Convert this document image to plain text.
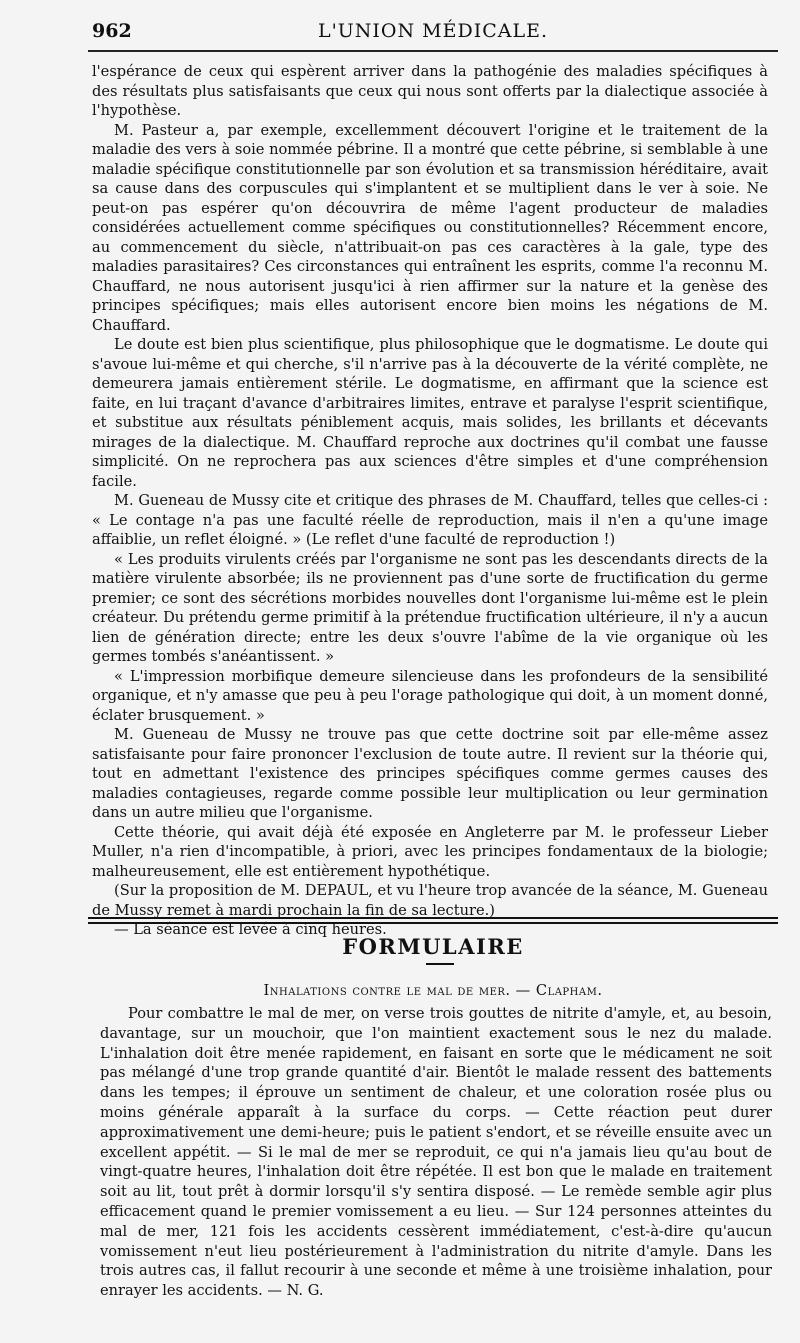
962	L'UNION MÉDICALE.

l'espérance de ceux qui espèrent arriver dans la pathogénie des maladies spécifiques à des résultats plus satisfaisants que ceux qui nous sont offerts par la dialectique associée à l'hypothèse.

M. Pasteur a, par exemple, excellemment découvert l'origine et le traitement de la maladie des vers à soie nommée pébrine. Il a montré que cette pébrine, si semblable à une maladie spécifique constitutionnelle par son évolution et sa transmission héréditaire, avait sa cause dans des corpuscules qui s'implantent et se multiplient dans le ver à soie. Ne peut-on pas espérer qu'on découvrira de même l'agent producteur de maladies considérées actuellement comme spécifiques ou constitutionnelles? Récemment encore, au commencement du siècle, n'attribuait-on pas ces caractères à la gale, type des maladies parasitaires? Ces circonstances qui entraînent les esprits, comme l'a reconnu M. Chauffard, ne nous autorisent jusqu'ici à rien affirmer sur la nature et la genèse des principes spécifiques; mais elles autorisent encore bien moins les négations de M. Chauffard.

Le doute est bien plus scientifique, plus philosophique que le dogmatisme. Le doute qui s'avoue lui-même et qui cherche, s'il n'arrive pas à la découverte de la vérité complète, ne demeurera jamais entièrement stérile. Le dogmatisme, en affirmant que la science est faite, en lui traçant d'avance d'arbitraires limites, entrave et paralyse l'esprit scientifique, et substitue aux résultats péniblement acquis, mais solides, les brillants et décevants mirages de la dialectique. M. Chauffard reproche aux doctrines qu'il combat une fausse simplicité. On ne reprochera pas aux sciences d'être simples et d'une compréhension facile.

M. Gueneau de Mussy cite et critique des phrases de M. Chauffard, telles que celles-ci : « Le contage n'a pas une faculté réelle de reproduction, mais il n'en a qu'une image affaiblie, un reflet éloigné. » (Le reflet d'une faculté de reproduction !)

« Les produits virulents créés par l'organisme ne sont pas les descendants directs de la matière virulente absorbée; ils ne proviennent pas d'une sorte de fructification du germe premier; ce sont des sécrétions morbides nouvelles dont l'organisme lui-même est le plein créateur. Du prétendu germe primitif à la prétendue fructification ultérieure, il n'y a aucun lien de génération directe; entre les deux s'ouvre l'abîme de la vie organique où les germes tombés s'anéantissent. »

« L'impression morbifique demeure silencieuse dans les profondeurs de la sensibilité organique, et n'y amasse que peu à peu l'orage pathologique qui doit, à un moment donné, éclater brusquement. »

M. Gueneau de Mussy ne trouve pas que cette doctrine soit par elle-même assez satisfaisante pour faire prononcer l'exclusion de toute autre. Il revient sur la théorie qui, tout en admettant l'existence des principes spécifiques comme germes causes des maladies contagieuses, regarde comme possible leur multiplication ou leur germination dans un autre milieu que l'organisme.

Cette théorie, qui avait déjà été exposée en Angleterre par M. le professeur Lieber Muller, n'a rien d'incompatible, à priori, avec les principes fondamentaux de la biologie; malheureusement, elle est entièrement hypothétique.

(Sur la proposition de M. DEPAUL, et vu l'heure trop avancée de la séance, M. Gueneau de Mussy remet à mardi prochain la fin de sa lecture.)

— La séance est levée à cinq heures.

FORMULAIRE
Inhalations contre le mal de mer. — Clapham.

Pour combattre le mal de mer, on verse trois gouttes de nitrite d'amyle, et, au besoin, davantage, sur un mouchoir, que l'on maintient exactement sous le nez du malade. L'inhalation doit être menée rapidement, en faisant en sorte que le médicament ne soit pas mélangé d'une trop grande quantité d'air. Bientôt le malade ressent des battements dans les tempes; il éprouve un sentiment de chaleur, et une coloration rosée plus ou moins générale apparaît à la surface du corps. — Cette réaction peut durer approximativement une demi-heure; puis le patient s'endort, et se réveille ensuite avec un excellent appétit. — Si le mal de mer se reproduit, ce qui n'a jamais lieu qu'au bout de vingt-quatre heures, l'inhalation doit être répétée. Il est bon que le malade en traitement soit au lit, tout prêt à dormir lorsqu'il s'y sentira disposé. — Le remède semble agir plus efficacement quand le premier vomissement a eu lieu. — Sur 124 personnes atteintes du mal de mer, 121 fois les accidents cessèrent immédiatement, c'est-à-dire qu'aucun vomissement n'eut lieu postérieurement à l'administration du nitrite d'amyle. Dans les trois autres cas, il fallut recourir à une seconde et même à une troisième inhalation, pour enrayer les accidents. — N. G.
